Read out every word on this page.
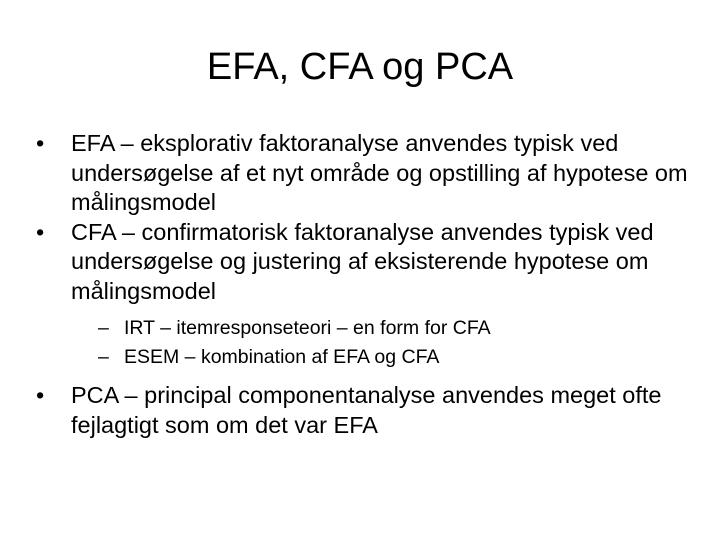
EFA, CFA og PCA
•	EFA – eksplorativ faktoranalyse anvendes typisk ved undersøgelse af et nyt område og opstilling af hypotese om målingsmodel
•	CFA – confirmatorisk faktoranalyse anvendes typisk ved undersøgelse og justering af eksisterende hypotese om målingsmodel
– IRT – itemresponseteori – en form for CFA
– ESEM – kombination af EFA og CFA
•	PCA – principal componentanalyse anvendes meget ofte fejlagtigt som om det var EFA
